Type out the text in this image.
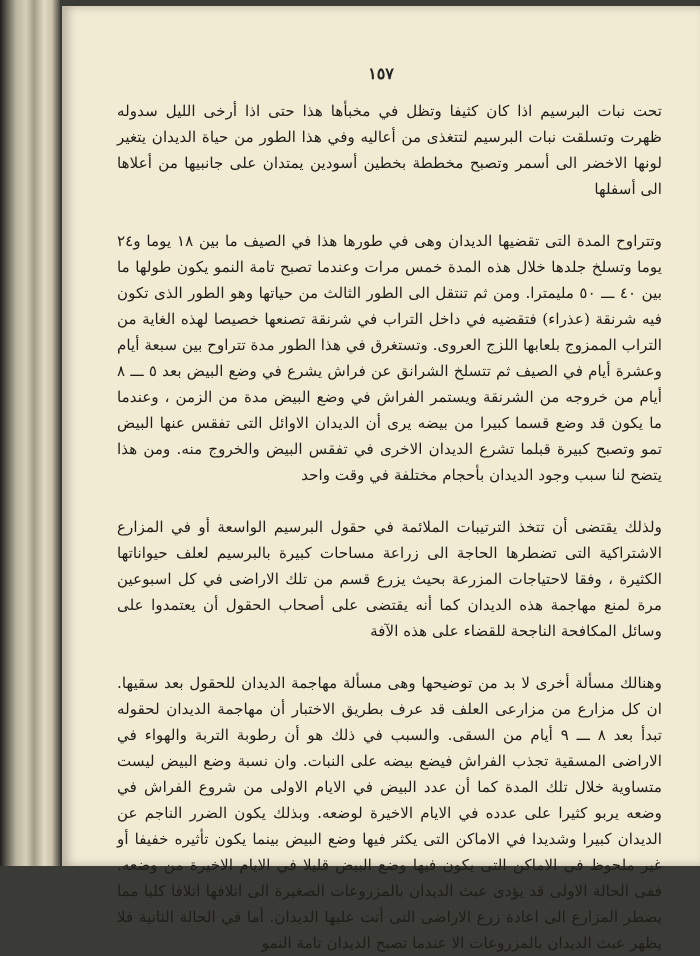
١٥٧

تحت نبات البرسيم اذا كان كثيفا وتظل في مخبأها هذا حتى اذا أرخى الليل سدوله ظهرت وتسلقت نبات البرسيم لتتغذى من أعاليه وفي هذا الطور من حياة الديدان يتغير لونها الاخضر الى أسمر وتصبح مخططة بخطين أسودين يمتدان على جانبيها من أعلاها الى أسفلها

وتتراوح المدة التى تقضيها الديدان وهى في طورها هذا في الصيف ما بين ١٨ يوما و٢٤ يوما وتسلخ جلدها خلال هذه المدة خمس مرات وعندما تصبح تامة النمو يكون طولها ما بين ٤٠ ـــ ٥٠ مليمترا. ومن ثم تنتقل الى الطور الثالث من حياتها وهو الطور الذى تكون فيه شرنقة (عذراء) فتقضيه في داخل التراب في شرنقة تصنعها خصيصا لهذه الغاية من التراب الممزوج بلعابها اللزج العروى. وتستغرق في هذا الطور مدة تتراوح بين سبعة أيام وعشرة أيام في الصيف ثم تتسلخ الشرانق عن فراش يشرع في وضع البيض بعد ٥ ـــ ٨ أيام من خروجه من الشرنقة ويستمر الفراش في وضع البيض مدة من الزمن ، وعندما ما يكون قد وضع قسما كبيرا من بيضه يرى أن الديدان الاوائل التى تفقس عنها البيض تمو وتصبح كبيرة قبلما تشرع الديدان الاخرى في تفقس البيض والخروج منه. ومن هذا يتضح لنا سبب وجود الديدان بأحجام مختلفة في وقت واحد

ولذلك يقتضى أن تتخذ الترتيبات الملائمة في حقول البرسيم الواسعة أو في المزارع الاشتراكية التى تضطرها الحاجة الى زراعة مساحات كبيرة بالبرسيم لعلف حيواناتها الكثيرة ، وفقا لاحتياجات المزرعة بحيث يزرع قسم من تلك الاراضى في كل اسبوعين مرة لمنع مهاجمة هذه الديدان كما أنه يقتضى على أصحاب الحقول أن يعتمدوا على وسائل المكافحة الناجحة للقضاء على هذه الآفة

وهنالك مسألة أخرى لا بد من توضيحها وهى مسألة مهاجمة الديدان للحقول بعد سقيها. ان كل مزارع من مزارعى العلف قد عرف بطريق الاختبار أن مهاجمة الديدان لحقوله تبدأ بعد ٨ ـــ ٩ أيام من السقى. والسبب في ذلك هو أن رطوبة التربة والهواء في الاراضى المسقية تجذب الفراش فيضع بيضه على النبات. وان نسبة وضع البيض ليست متساوية خلال تلك المدة كما أن عدد البيض في الايام الاولى من شروع الفراش في وضعه يربو كثيرا على عدده في الايام الاخيرة لوضعه. وبذلك يكون الضرر الناجم عن الديدان كبيرا وشديدا في الاماكن التى يكثر فيها وضع البيض بينما يكون تأثيره خفيفا أو غير ملحوظ في الاماكن التى يكون فيها وضع البيض قليلا في الايام الاخيرة من وضعه. ففى الحالة الاولى قد يؤدى عبث الديدان بالمزروعات الصغيرة الى اتلافها اتلافا كليا مما يضطر المزارع الى اعادة زرع الاراضى التى أتت عليها الديدان. أما في الحالة الثانية فلا يظهر عبث الديدان بالمزروعات الا عندما تصبح الديدان تامة النمو
